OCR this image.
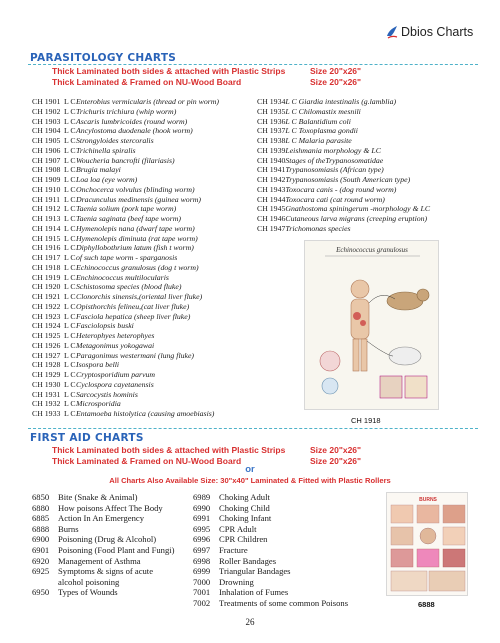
Dbios Charts
PARASITOLOGY CHARTS
Thick Laminated both sides & attached with Plastic Strips	Size 20"x26"
Thick Laminated & Framed on NU-Wood Board	Size 20"x26"
CH 1901 L CEnterobius vermicularis (thread or pin worm)
CH 1902 L CTrichuris trichiura (whip worm)
CH 1903 L CAscaris lumbricoides (round worm)
CH 1904 L CAncylostoma duodenale (hook worm)
CH 1905 L CStrongyloides stercoralis
CH 1906 L CTrichinella spiralis
CH 1907 L CWoucheria bancrofti (filariasis)
CH 1908 L CBrugia malayi
CH 1909 L CLoa loa (eye worm)
CH 1910 L COnchocerca volvulus (blinding worm)
CH 1911 L CDracunculus medinensis (guinea worm)
CH 1912 L CTaenia solium (pork tape worm)
CH 1913 L CTaenia saginata (beef tape worm)
CH 1914 L CHymenolepis nana (dwarf tape worm)
CH 1915 L CHymenolepis diminuta (rat tape worm)
CH 1916 L CDiphyllobothrium latum (fish t worm)
CH 1917 L Cof such tape worm - sparganosis
CH 1918 L CEchinococcus granulosus (dog t worm)
CH 1919 L CEnchinococcus multilocularis
CH 1920 L CSchistosoma species (blood fluke)
CH 1921 L CClonorchis sinensis,(oriental liver fluke)
CH 1922 L COpisthorchis felineu,(cat liver fluke)
CH 1923 L CFasciola hepatica (sheep liver fluke)
CH 1924 L CFasciolopsis buski
CH 1925 L CHeterophyes heterophyes
CH 1926 L CMetagonimus yokogawai
CH 1927 L CParagonimus westermani (lung fluke)
CH 1928 L CIsospora belli
CH 1929 L CCryptosporidium parvum
CH 1930 L CCyclospora cayetanensis
CH 1931 L CSarcocystis hominis
CH 1932 L CMicrosporidia
CH 1933 L CEntamoeba histolytica (causing amoebiasis)
CH 1934L C Giardia intestinalis (g.lamblia)
CH 1935L C Chilomastix mesnili
CH 1936L C Balantidium coli
CH 1937L C Toxoplasma gondii
CH 1938L C Malaria parasite
CH 1939Leishmania morphology & LC
CH 1940Stages of theTrypanosomatidae
CH 1941Trypanosomiasis (African type)
CH 1942Trypanosomiasis (South American type)
CH 1943Toxocara canis - (dog round worm)
CH 1944Toxocara cati (cat round worm)
CH 1945Gnathostoma spiningerum -morphology & LC
CH 1946Cutaneous larva migrans (creeping eruption)
CH 1947Trichomonas species
Echinococcus granulosus
CH 1918
FIRST AID CHARTS
Thick Laminated both sides & attached with Plastic Strips	Size 20"x26"
Thick Laminated & Framed on NU-Wood Board	Size 20"x26"
or
All Charts Also Available Size: 30"x40" Laminated & Fitted with Plastic Rollers
6850 Bite (Snake & Animal)
6880 How poisons Affect The Body
6885 Action In An Emergency
6888 Burns
6900 Poisoning (Drug & Alcohol)
6901 Poisoning (Food Plant and Fungi)
6920 Management of Asthma
6925 Symptoms & signs of acute
alcohol poisoning
6950 Types of Wounds
6989 Choking Adult
6990 Choking Child
6991 Choking Infant
6995 CPR Adult
6996 CPR Children
6997 Fracture
6998 Roller Bandages
6999 Triangular Bandages
7000 Drowning
7001 Inhalation of Fumes
7002 Treatments of some common Poisons
BURNS
6888
26
